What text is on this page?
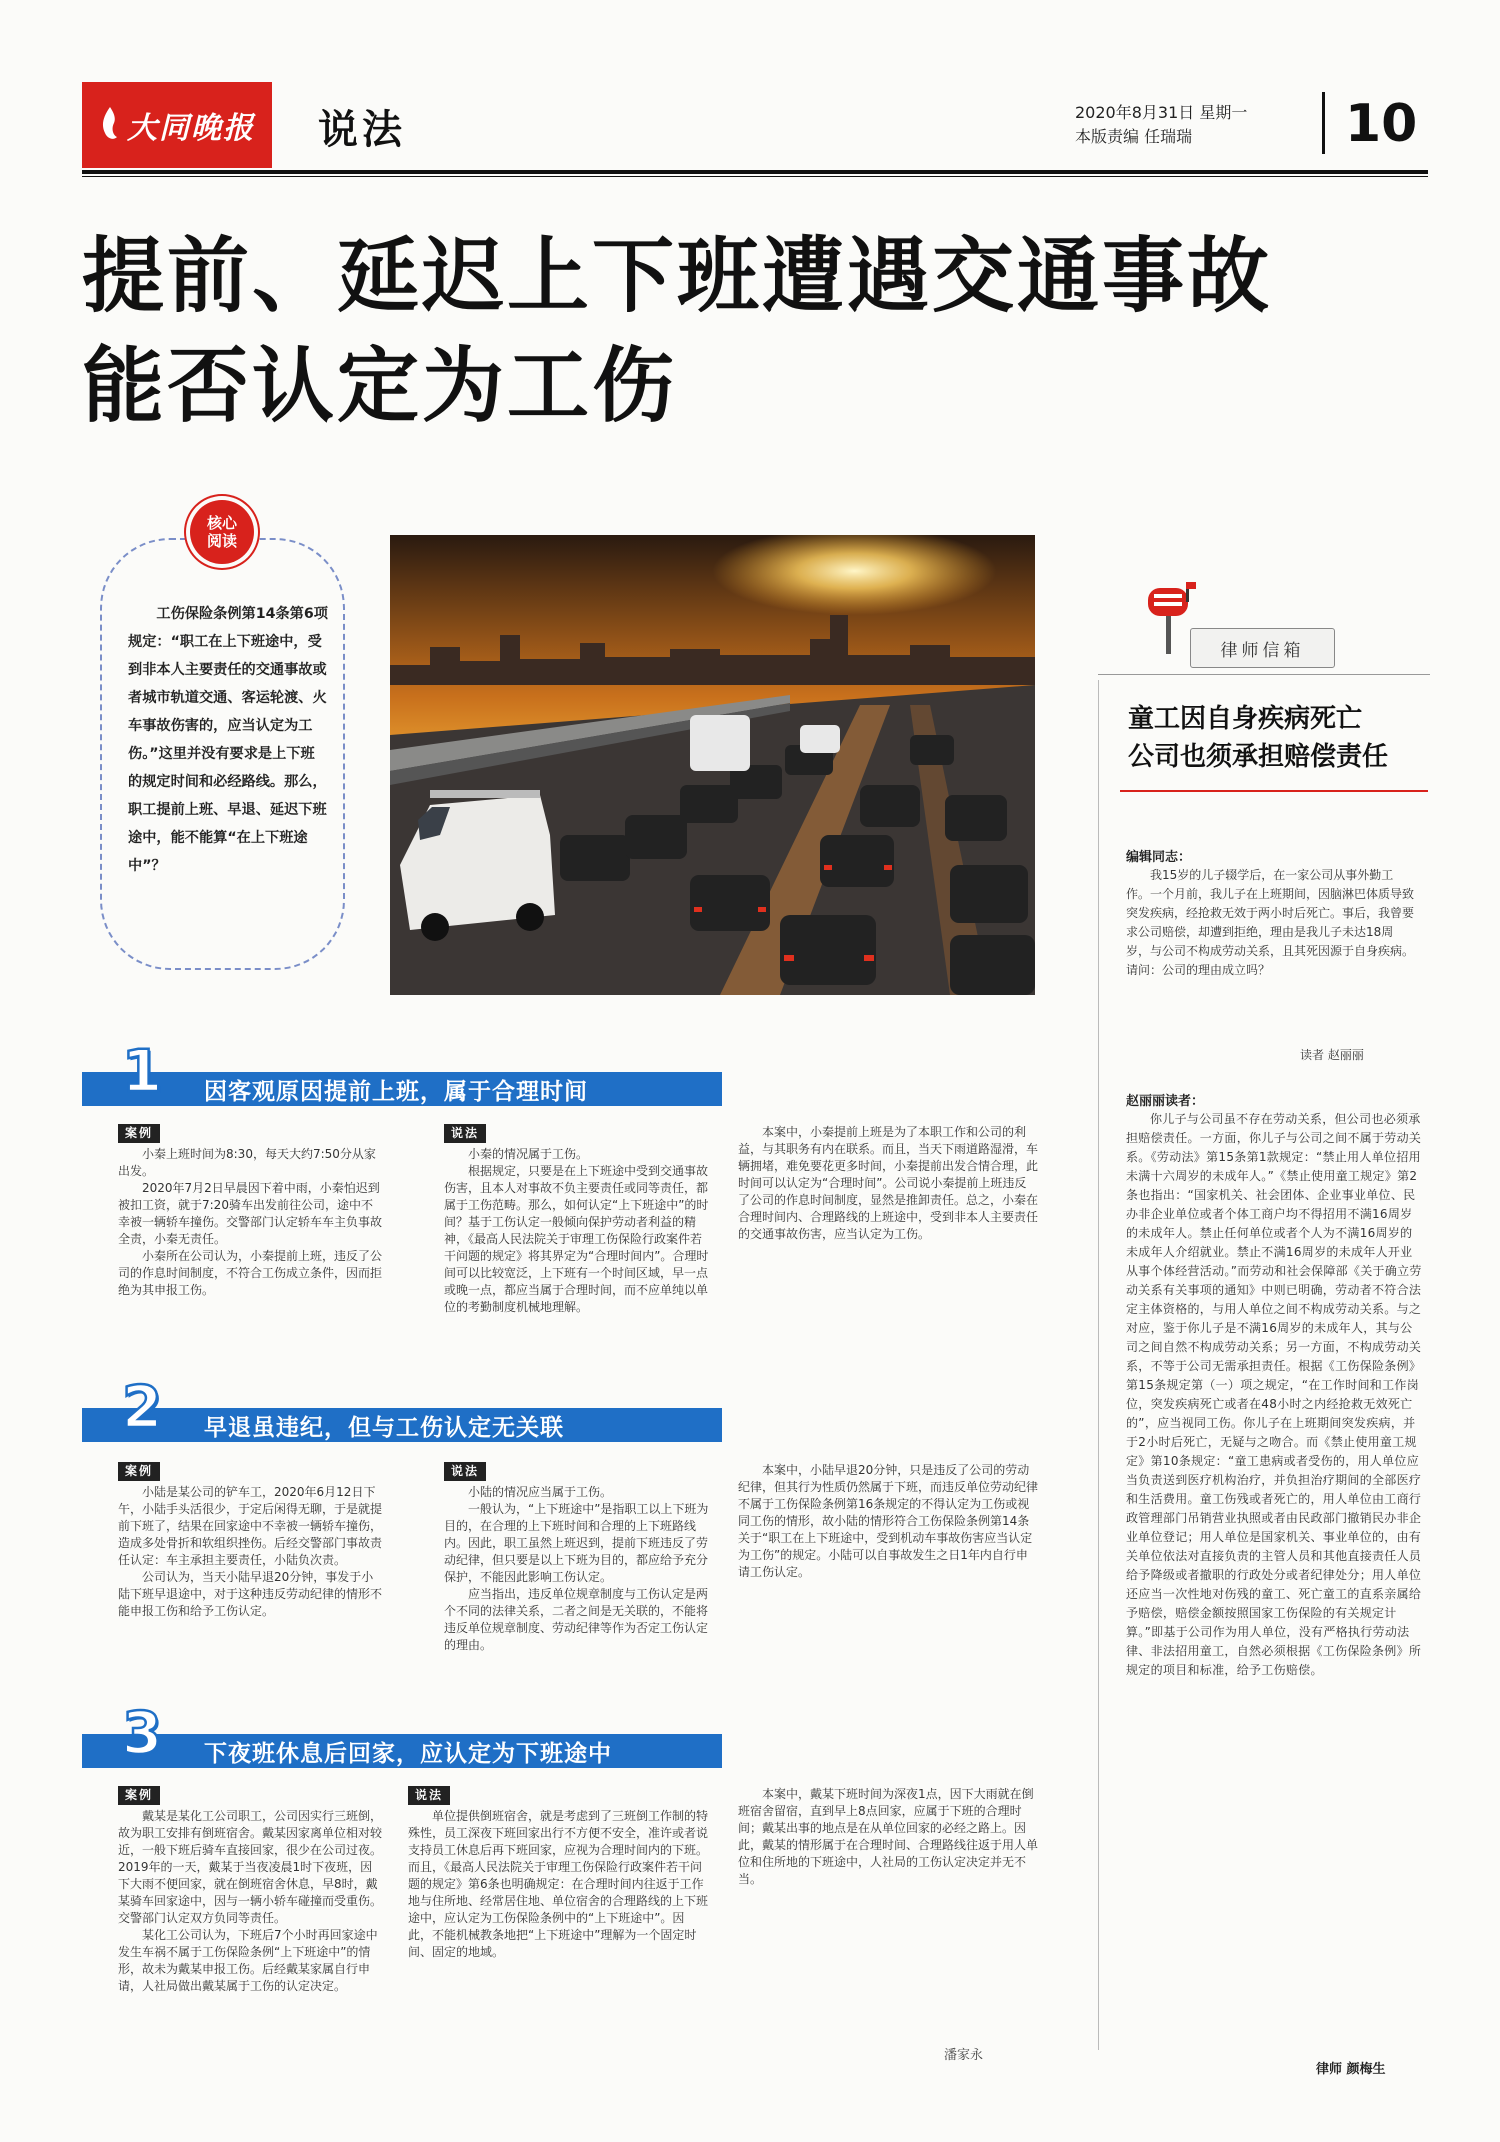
大同晚报 说法	2020年8月31日 星期一
本版责编 任瑞瑞	10
提前、延迟上下班遭遇交通事故
能否认定为工伤
核心
阅读
工伤保险条例第14条第6项规定：“职工在上下班途中，受到非本人主要责任的交通事故或者城市轨道交通、客运轮渡、火车事故伤害的，应当认定为工伤。”这里并没有要求是上下班的规定时间和必经路线。那么，职工提前上班、早退、延迟下班途中，能不能算“在上下班途中”？
因客观原因提前上班，属于合理时间
1
案例

小秦上班时间为8:30，每天大约7:50分从家出发。

2020年7月2日早晨因下着中雨，小秦怕迟到被扣工资，就于7:20骑车出发前往公司，途中不幸被一辆轿车撞伤。交警部门认定轿车车主负事故全责，小秦无责任。

小秦所在公司认为，小秦提前上班，违反了公司的作息时间制度，不符合工伤成立条件，因而拒绝为其申报工伤。

说法

小秦的情况属于工伤。

根据规定，只要是在上下班途中受到交通事故伤害，且本人对事故不负主要责任或同等责任，都属于工伤范畴。那么，如何认定“上下班途中”的时间？基于工伤认定一般倾向保护劳动者利益的精神，《最高人民法院关于审理工伤保险行政案件若干问题的规定》将其界定为“合理时间内”。合理时间可以比较宽泛，上下班有一个时间区域，早一点或晚一点，都应当属于合理时间，而不应单纯以单位的考勤制度机械地理解。

本案中，小秦提前上班是为了本职工作和公司的利益，与其职务有内在联系。而且，当天下雨道路湿滑，车辆拥堵，难免要花更多时间，小秦提前出发合情合理，此时间可以认定为“合理时间”。公司说小秦提前上班违反了公司的作息时间制度，显然是推卸责任。总之，小秦在合理时间内、合理路线的上班途中，受到非本人主要责任的交通事故伤害，应当认定为工伤。

早退虽违纪，但与工伤认定无关联
2
案例

小陆是某公司的铲车工，2020年6月12日下午，小陆手头活很少，于定后闲得无聊，于是就提前下班了，结果在回家途中不幸被一辆轿车撞伤，造成多处骨折和软组织挫伤。后经交警部门事故责任认定：车主承担主要责任，小陆负次责。

公司认为，当天小陆早退20分钟，事发于小陆下班早退途中，对于这种违反劳动纪律的情形不能申报工伤和给予工伤认定。

说法

小陆的情况应当属于工伤。

一般认为，“上下班途中”是指职工以上下班为目的，在合理的上下班时间和合理的上下班路线内。因此，职工虽然上班迟到，提前下班违反了劳动纪律，但只要是以上下班为目的，都应给予充分保护，不能因此影响工伤认定。

应当指出，违反单位规章制度与工伤认定是两个不同的法律关系，二者之间是无关联的，不能将违反单位规章制度、劳动纪律等作为否定工伤认定的理由。

本案中，小陆早退20分钟，只是违反了公司的劳动纪律，但其行为性质仍然属于下班，而违反单位劳动纪律不属于工伤保险条例第16条规定的不得认定为工伤或视同工伤的情形，故小陆的情形符合工伤保险条例第14条关于“职工在上下班途中，受到机动车事故伤害应当认定为工伤”的规定。小陆可以自事故发生之日1年内自行申请工伤认定。

下夜班休息后回家，应认定为下班途中
3
案例

戴某是某化工公司职工，公司因实行三班倒，故为职工安排有倒班宿舍。戴某因家离单位相对较近，一般下班后骑车直接回家，很少在公司过夜。2019年的一天，戴某于当夜凌晨1时下夜班，因下大雨不便回家，就在倒班宿舍休息，早8时，戴某骑车回家途中，因与一辆小轿车碰撞而受重伤。交警部门认定双方负同等责任。

某化工公司认为，下班后7个小时再回家途中发生车祸不属于工伤保险条例“上下班途中”的情形，故未为戴某申报工伤。后经戴某家属自行申请，人社局做出戴某属于工伤的认定决定。

说法

单位提供倒班宿舍，就是考虑到了三班倒工作制的特殊性，员工深夜下班回家出行不方便不安全，准许或者说支持员工休息后再下班回家，应视为合理时间内的下班。而且，《最高人民法院关于审理工伤保险行政案件若干问题的规定》第6条也明确规定：在合理时间内往返于工作地与住所地、经常居住地、单位宿舍的合理路线的上下班途中，应认定为工伤保险条例中的“上下班途中”。因此，不能机械教条地把“上下班途中”理解为一个固定时间、固定的地域。

本案中，戴某下班时间为深夜1点，因下大雨就在倒班宿舍留宿，直到早上8点回家，应属于下班的合理时间；戴某出事的地点是在从单位回家的必经之路上。因此，戴某的情形属于在合理时间、合理路线往返于用人单位和住所地的下班途中，人社局的工伤认定决定并无不当。

潘家永
律师信箱
童工因自身疾病死亡
公司也须承担赔偿责任
编辑同志：
我15岁的儿子辍学后，在一家公司从事外勤工作。一个月前，我儿子在上班期间，因脑淋巴体质导致突发疾病，经抢救无效于两小时后死亡。事后，我曾要求公司赔偿，却遭到拒绝，理由是我儿子未达18周岁，与公司不构成劳动关系，且其死因源于自身疾病。请问：公司的理由成立吗？
读者 赵丽丽
赵丽丽读者：
你儿子与公司虽不存在劳动关系，但公司也必须承担赔偿责任。一方面，你儿子与公司之间不属于劳动关系。《劳动法》第15条第1款规定：“禁止用人单位招用未满十六周岁的未成年人。”《禁止使用童工规定》第2条也指出：“国家机关、社会团体、企业事业单位、民办非企业单位或者个体工商户均不得招用不满16周岁的未成年人。禁止任何单位或者个人为不满16周岁的未成年人介绍就业。禁止不满16周岁的未成年人开业从事个体经营活动。”而劳动和社会保障部《关于确立劳动关系有关事项的通知》中则已明确，劳动者不符合法定主体资格的，与用人单位之间不构成劳动关系。与之对应，鉴于你儿子是不满16周岁的未成年人，其与公司之间自然不构成劳动关系；另一方面，不构成劳动关系，不等于公司无需承担责任。根据《工伤保险条例》第15条规定第（一）项之规定，“在工作时间和工作岗位，突发疾病死亡或者在48小时之内经抢救无效死亡的”，应当视同工伤。你儿子在上班期间突发疾病，并于2小时后死亡，无疑与之吻合。而《禁止使用童工规定》第10条规定：“童工患病或者受伤的，用人单位应当负责送到医疗机构治疗，并负担治疗期间的全部医疗和生活费用。童工伤残或者死亡的，用人单位由工商行政管理部门吊销营业执照或者由民政部门撤销民办非企业单位登记；用人单位是国家机关、事业单位的，由有关单位依法对直接负责的主管人员和其他直接责任人员给予降级或者撤职的行政处分或者纪律处分；用人单位还应当一次性地对伤残的童工、死亡童工的直系亲属给予赔偿，赔偿金额按照国家工伤保险的有关规定计算。”即基于公司作为用人单位，没有严格执行劳动法律、非法招用童工，自然必须根据《工伤保险条例》所规定的项目和标准，给予工伤赔偿。
律师 颜梅生
